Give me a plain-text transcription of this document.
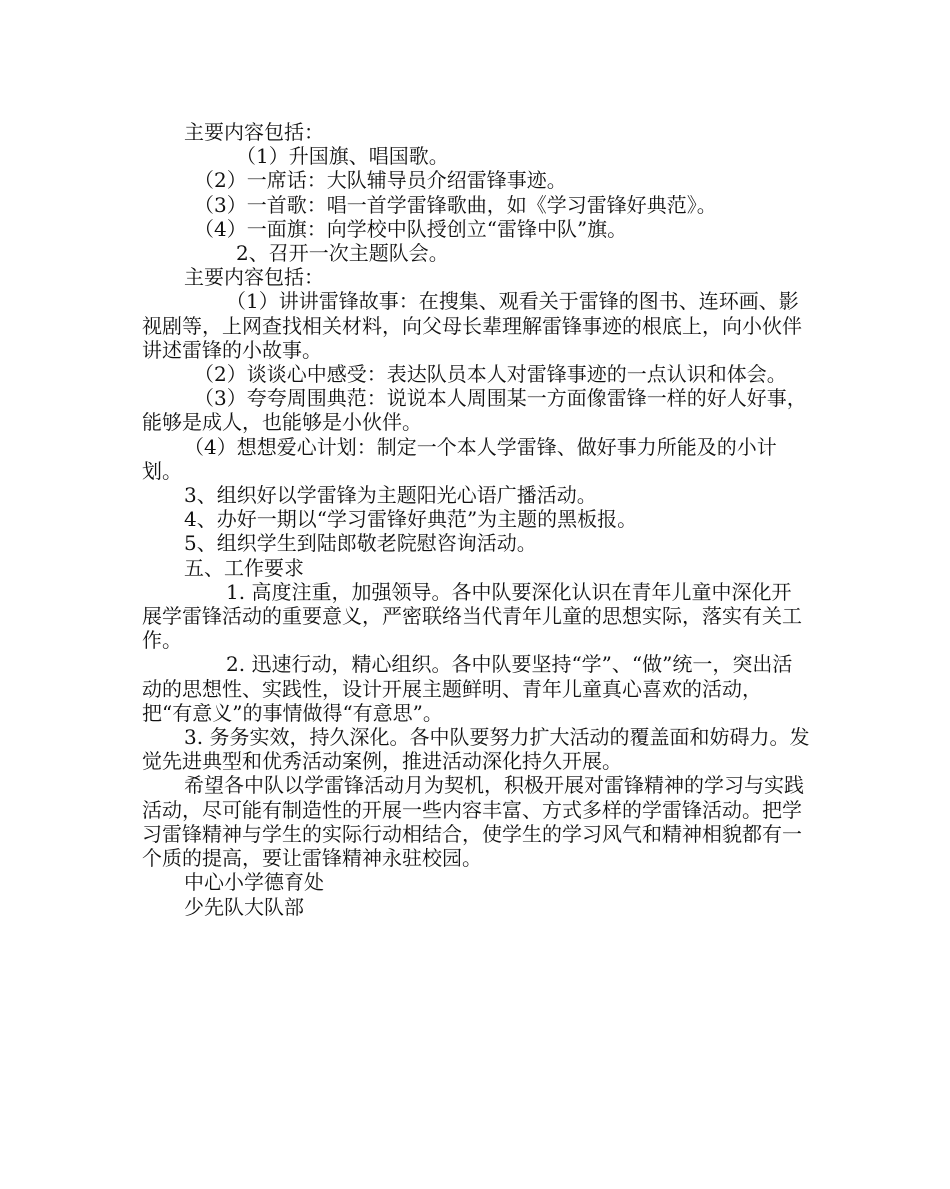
主要内容包括：

（1）升国旗、唱国歌。

（2）一席话：大队辅导员介绍雷锋事迹。

（3）一首歌：唱一首学雷锋歌曲，如《学习雷锋好典范》。

（4）一面旗：向学校中队授创立“雷锋中队”旗。

2、召开一次主题队会。

主要内容包括：

（1）讲讲雷锋故事：在搜集、观看关于雷锋的图书、连环画、影视剧等，上网查找相关材料，向父母长辈理解雷锋事迹的根底上，向小伙伴讲述雷锋的小故事。

（2）谈谈心中感受：表达队员本人对雷锋事迹的一点认识和体会。

（3）夸夸周围典范：说说本人周围某一方面像雷锋一样的好人好事，能够是成人，也能够是小伙伴。

（4）想想爱心计划：制定一个本人学雷锋、做好事力所能及的小计划。

3、组织好以学雷锋为主题阳光心语广播活动。

4、办好一期以“学习雷锋好典范”为主题的黑板报。

5、组织学生到陆郎敬老院慰咨询活动。

五、工作要求

1. 高度注重，加强领导。各中队要深化认识在青年儿童中深化开展学雷锋活动的重要意义，严密联络当代青年儿童的思想实际，落实有关工作。

2. 迅速行动，精心组织。各中队要坚持“学”、“做”统一，突出活动的思想性、实践性，设计开展主题鲜明、青年儿童真心喜欢的活动，把“有意义”的事情做得“有意思”。

3. 务务实效，持久深化。各中队要努力扩大活动的覆盖面和妨碍力。发觉先进典型和优秀活动案例，推进活动深化持久开展。

希望各中队以学雷锋活动月为契机，积极开展对雷锋精神的学习与实践活动，尽可能有制造性的开展一些内容丰富、方式多样的学雷锋活动。把学习雷锋精神与学生的实际行动相结合，使学生的学习风气和精神相貌都有一个质的提高，要让雷锋精神永驻校园。

中心小学德育处

少先队大队部
